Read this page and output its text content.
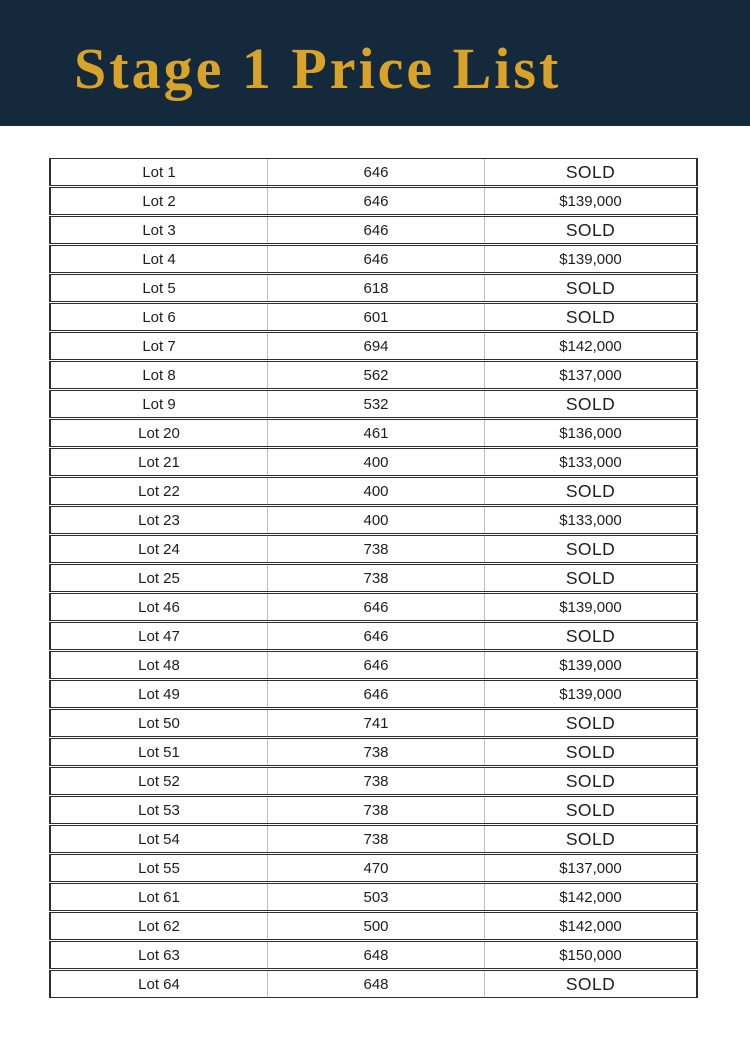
Stage 1 Price List
Lot 1	646	SOLD
Lot 2	646	$139,000
Lot 3	646	SOLD
Lot 4	646	$139,000
Lot 5	618	SOLD
Lot 6	601	SOLD
Lot 7	694	$142,000
Lot 8	562	$137,000
Lot 9	532	SOLD
Lot 20	461	$136,000
Lot 21	400	$133,000
Lot 22	400	SOLD
Lot 23	400	$133,000
Lot 24	738	SOLD
Lot 25	738	SOLD
Lot 46	646	$139,000
Lot 47	646	SOLD
Lot 48	646	$139,000
Lot 49	646	$139,000
Lot 50	741	SOLD
Lot 51	738	SOLD
Lot 52	738	SOLD
Lot 53	738	SOLD
Lot 54	738	SOLD
Lot 55	470	$137,000
Lot 61	503	$142,000
Lot 62	500	$142,000
Lot 63	648	$150,000
Lot 64	648	SOLD
